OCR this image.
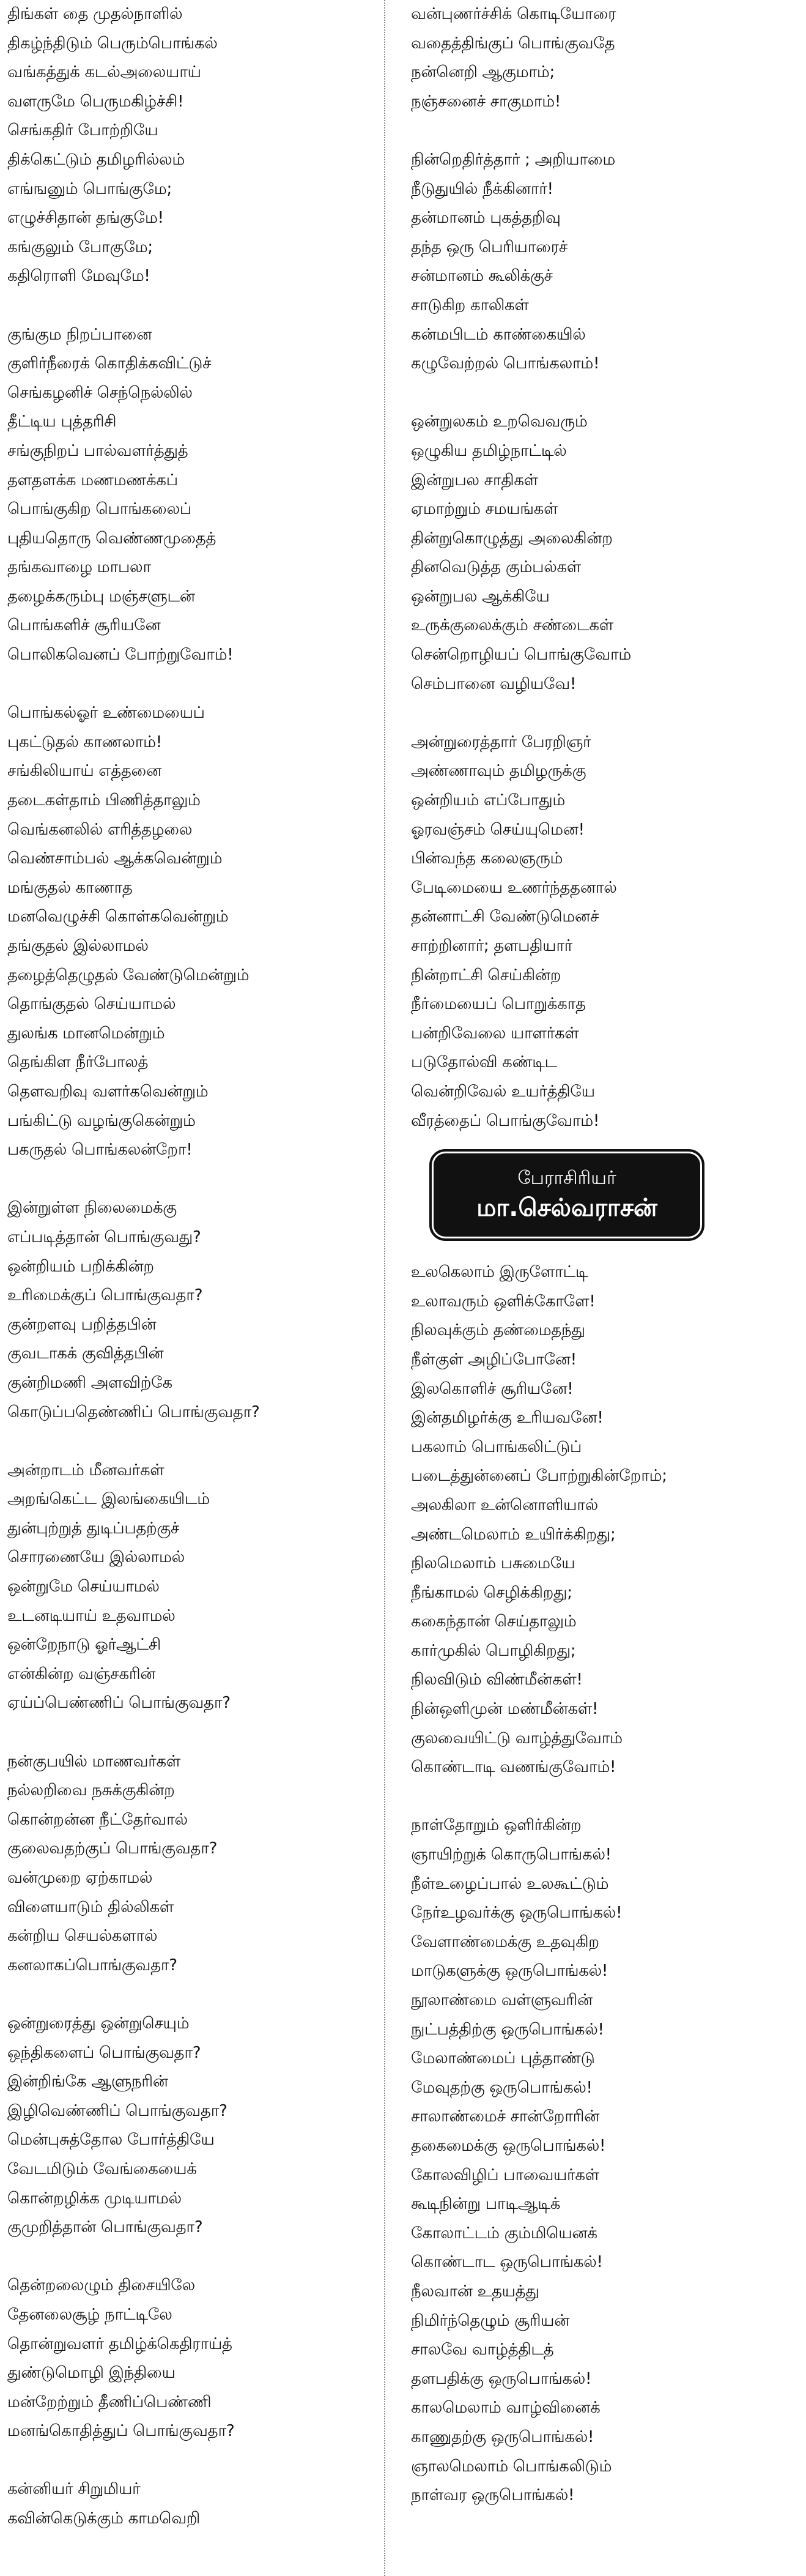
திங்கள் தை முதல்நாளில்
திகழ்ந்திடும் பெரும்பொங்கல்
வங்கத்துக் கடல்அலையாய்
வளருமே பெருமகிழ்ச்சி!
செங்கதிர் போற்றியே
திக்கெட்டும் தமிழரில்லம்
எங்ஙனும் பொங்குமே;
எழுச்சிதான் தங்குமே!
கங்குலும் போகுமே;
கதிரொளி மேவுமே!
குங்கும நிறப்பானை
குளிர்நீரைக் கொதிக்கவிட்டுச்
செங்கழனிச் செந்நெல்லில்
தீட்டிய புத்தரிசி
சங்குநிறப் பால்வளர்த்துத்
தளதளக்க மணமணக்கப்
பொங்குகிற பொங்கலைப்
புதியதொரு வெண்ணமுதைத்
தங்கவாழை மாபலா
தழைக்கரும்பு மஞ்சளுடன்
பொங்களிச் சூரியனே
பொலிகவெனப் போற்றுவோம்!
பொங்கல்ஓர் உண்மையைப்
புகட்டுதல் காணலாம்!
சங்கிலியாய் எத்தனை
தடைகள்தாம் பிணித்தாலும்
வெங்கனலில் எரித்தழலை
வெண்சாம்பல் ஆக்கவென்றும்
மங்குதல் காணாத
மனவெழுச்சி கொள்கவென்றும்
தங்குதல் இல்லாமல்
தழைத்தெழுதல் வேண்டுமென்றும்
தொங்குதல் செய்யாமல்
துலங்க மானமென்றும்
தெங்கிள நீர்போலத்
தெளவறிவு வளர்கவென்றும்
பங்கிட்டு வழங்குகென்றும்
பகருதல் பொங்கலன்றோ!
இன்றுள்ள நிலைமைக்கு
எப்படித்தான் பொங்குவது?
ஒன்றியம் பறிக்கின்ற
உரிமைக்குப் பொங்குவதா?
குன்றளவு பறித்தபின்
குவடாகக் குவித்தபின்
குன்றிமணி அளவிற்கே
கொடுப்பதெண்ணிப் பொங்குவதா?
அன்றாடம் மீனவர்கள்
அறங்கெட்ட இலங்கையிடம்
துன்புற்றுத் துடிப்பதற்குச்
சொரணையே இல்லாமல்
ஒன்றுமே செய்யாமல்
உடனடியாய் உதவாமல்
ஒன்றேநாடு ஓர்ஆட்சி
என்கின்ற வஞ்சகரின்
ஏய்ப்பெண்ணிப் பொங்குவதா?
நன்குபயில் மாணவர்கள்
நல்லறிவை நசுக்குகின்ற
கொன்றன்ன நீட்தேர்வால்
குலைவதற்குப் பொங்குவதா?
வன்முறை ஏற்காமல்
விளையாடும் தில்லிகள்
கன்றிய செயல்களால்
கனலாகப்பொங்குவதா?
ஒன்றுரைத்து ஒன்றுசெயும்
ஒந்திகளைப் பொங்குவதா?
இன்றிங்கே ஆளுநரின்
இழிவெண்ணிப் பொங்குவதா?
மென்புசுத்தோல போர்த்தியே
வேடமிடும் வேங்கையைக்
கொன்றழிக்க முடியாமல்
குமுறித்தான் பொங்குவதா?
தென்றலைழும் திசையிலே
தேனலைசூழ் நாட்டிலே
தொன்றுவளர் தமிழ்க்கெதிராய்த்
துண்டுமொழி இந்தியை
மன்றேற்றும் தீணிப்பெண்ணி
மனங்கொதித்துப் பொங்குவதா?
கன்னியர் சிறுமியர்
கவின்கெடுக்கும் காமவெறி
வன்புணர்ச்சிக் கொடியோரை
வதைத்திங்குப் பொங்குவதே
நன்னெறி ஆகுமாம்;
நஞ்சனைச் சாகுமாம்!
நின்றெதிர்த்தார் ; அறியாமை
நீடுதுயில் நீக்கினார்!
தன்மானம் புகத்தறிவு
தந்த ஒரு பெரியாரைச்
சன்மானம் கூலிக்குச்
சாடுகிற காலிகள்
கன்மபிடம் காண்கையில்
கழுவேற்றல் பொங்கலாம்!
ஒன்றுலகம் உறவெவரும்
ஒழுகிய தமிழ்நாட்டில்
இன்றுபல சாதிகள்
ஏமாற்றும் சமயங்கள்
தின்றுகொழுத்து அலைகின்ற
தினவெடுத்த கும்பல்கள்
ஒன்றுபல ஆக்கியே
உருக்குலைக்கும் சண்டைகள்
சென்றொழியப் பொங்குவோம்
செம்பானை வழியவே!
அன்றுரைத்தார் பேரறிஞர்
அண்ணாவும் தமிழருக்கு
ஒன்றியம் எப்போதும்
ஓரவஞ்சம் செய்யுமென!
பின்வந்த கலைஞரும்
பேடிமையை உணர்ந்ததனால்
தன்னாட்சி வேண்டுமெனச்
சாற்றினார்; தளபதியார்
நின்றாட்சி செய்கின்ற
நீர்மையைப் பொறுக்காத
பன்றிவேலை யாளர்கள்
படுதோல்வி கண்டிட
வென்றிவேல் உயர்த்தியே
வீரத்தைப் பொங்குவோம்!
பேராசிரியர்
மா.செல்வராசன்
உலகெலாம் இருளோட்டி
உலாவரும் ஒளிக்கோளே!
நிலவுக்கும் தண்மைதந்து
நீள்குள் அழிப்போனே!
இலகொளிச் சூரியனே!
இன்தமிழர்க்கு உரியவனே!
பகலாம் பொங்கலிட்டுப்
படைத்துன்னைப் போற்றுகின்றோம்;
அலகிலா உன்னொளியால்
அண்டமெலாம் உயிர்க்கிறது;
நிலமெலாம் பசுமையே
நீங்காமல் செழிக்கிறது;
ககைந்தான் செய்தாலும்
கார்முகில் பொழிகிறது;
நிலவிடும் விண்மீன்கள்!
நின்ஒளிமுன் மண்மீன்கள்!
குலவையிட்டு வாழ்த்துவோம்
கொண்டாடி வணங்குவோம்!
நாள்தோறும் ஒளிர்கின்ற
ஞாயிற்றுக் கொருபொங்கல்!
நீள்உழைப்பால் உலகூட்டும்
நேர்உழவர்க்கு ஒருபொங்கல்!
வேளாண்மைக்கு உதவுகிற
மாடுகளுக்கு ஒருபொங்கல்!
நூலாண்மை வள்ளுவரின்
நுட்பத்திற்கு ஒருபொங்கல்!
மேலாண்மைப் புத்தாண்டு
மேவுதற்கு ஒருபொங்கல்!
சாலாண்மைச் சான்றோரின்
தகைமைக்கு ஒருபொங்கல்!
கோலவிழிப் பாவையர்கள்
கூடிநின்று பாடிஆடிக்
கோலாட்டம் கும்மியெனக்
கொண்டாட ஒருபொங்கல்!
நீலவான் உதயத்து
நிமிர்ந்தெழும் சூரியன்
சாலவே வாழ்த்திடத்
தளபதிக்கு ஒருபொங்கல்!
காலமெலாம் வாழ்வினைக்
காணுதற்கு ஒருபொங்கல்!
ஞாலமெலாம் பொங்கலிடும்
நாள்வர ஒருபொங்கல்!
